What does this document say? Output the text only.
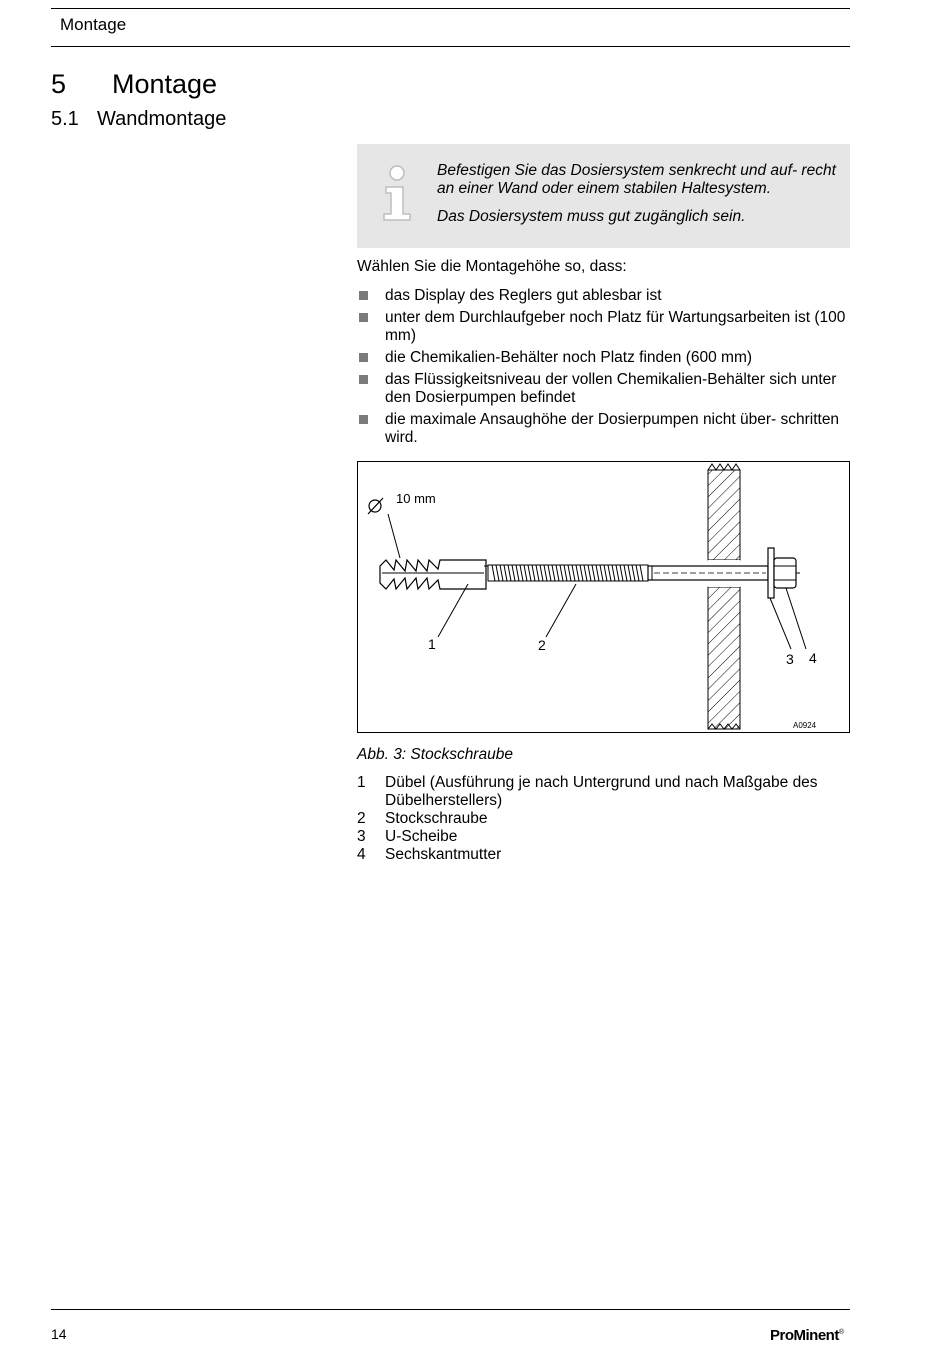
Montage
5 Montage
5.1 Wandmontage

Befestigen Sie das Dosiersystem senkrecht und auf- recht an einer Wand oder einem stabilen Haltesystem.

Das Dosiersystem muss gut zugänglich sein.

Wählen Sie die Montagehöhe so, dass:
das Display des Reglers gut ablesbar ist
unter dem Durchlaufgeber noch Platz für Wartungsarbeiten ist (100 mm)
die Chemikalien-Behälter noch Platz finden (600 mm)
das Flüssigkeitsniveau der vollen Chemikalien-Behälter sich unter den Dosierpumpen befindet
die maximale Ansaughöhe der Dosierpumpen nicht über- schritten wird.
10 mm
1	2
3 4
A0924
Abb. 3: Stockschraube
1 Dübel (Ausführung je nach Untergrund und nach Maßgabe des Dübelherstellers)
2 Stockschraube
3 U-Scheibe
4 Sechskantmutter
14	ProMinent®
